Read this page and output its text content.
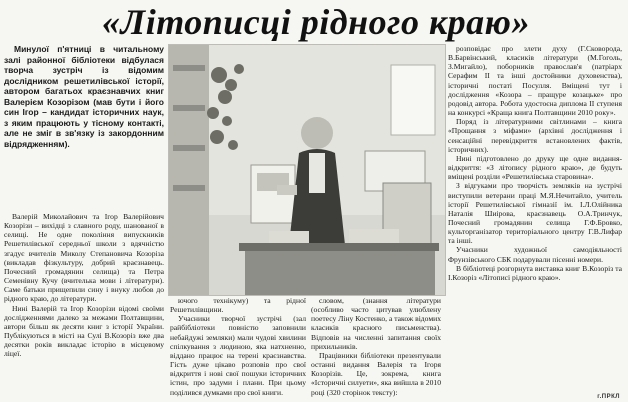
«Літописці рідного краю»

Минулої п'ятниці в читальному залі районної бібліотеки відбулася творча зустріч із відомим дослідником решетилівської історії, автором багатьох краєзнавчих книг Валерієм Козорізом (мав бути і його син Ігор – кандидат історичних наук, з яким працюють у тісному контакті, але не зміг в зв'язку із закордонним відрядженням).

Валерій Миколайович та Ігор Валерійович Козорізи – вихідці з славного роду, шанованої в селищі. Не одне покоління випускників Решетилівської середньої школи з вдячністю згадує вчителів Миколу Степановича Козоріза (викладав фізкультуру, добрий краєзнавець. Почесний громадянин селища) та Петра Семенівну Кучу (вчителька мови і літератури). Саме батьки прищепили сину і внуку любов до рідного краю, до літератури.

Нині Валерій та Ігор Козорізи відомі своїми дослідженнями далеко за межами Полтавщини, автори більш як десяти книг з історії України. Публікуються в місті на Сулі В.Козоріз вже два десятки років викладає історію в місцевому ліцеї.

ючого технікуму) та рідної Решетилівщини.

Учасники творчої зустрічі (зал райбібліотеки повністю заповнили небайдужі земляки) мали чудові хвилини спілкування з людиною, яка натхненно, віддано працює на терені краєзнавства. Гість дуже цікаво розповів про свої відкриття і нові свої пошуки історичних істин, про задуми і плани. При цьому поділився думками про свої книги.

словом, (знання літератури (особливо часто цитував улюблену поетесу Ліну Костенко, а також відомих класиків красного письменства). Відповів на численні запитання своїх прихильників.

Працівники бібліотеки презентували останні видання Валерія та Ігоря Козорізів. Це, зокрема, книга «Історичні силуети», яка вийшла в 2010 році (320 сторінок тексту):

розповідає про злети духу (Г.Сковорода, В.Барвінський, класиків літератури (М.Гоголь, З.Мигайло), поборників православ'я (патріарх Серафим ІІ та інші достойники духовенства), історичні постаті Посулля. Вміщені тут і дослідження «Козора – пращуре козацьке» про родовід автора. Робота удостоєна диплома ІІ ступеня на конкурсі «Краща книга Полтавщини 2010 року».

Поряд із літературними світлинами – книга «Прощання з міфами» (архівні дослідження і сенсаційні перевідкриття встановлених фактів, історичних).

Нині підготовлено до друку ще одне видання-відкриття: «З літопису рідного краю», де будуть вміщені розділи «Решетилівська старовина».

З відгуками про творчість земляків на зустрічі виступили ветерани праці М.Я.Нечитайло, учитель історії Решетилівської гімназії ім. І.Л.Олійника Наталія Шиірова, краєзнавець О.А.Тринчук, Почесний громадянин селища Г.Ф.Бровко, культорганізатор територіального центру Г.В.Лифар та інші.

Учасники художньої самодіяльності Фрунзівського СБК подарували пісенні номери.

В бібліотеці розгорнута виставка книг В.Козоріз та І.Козоріз «Літописі рідного краю».

г.ПРКЛ
